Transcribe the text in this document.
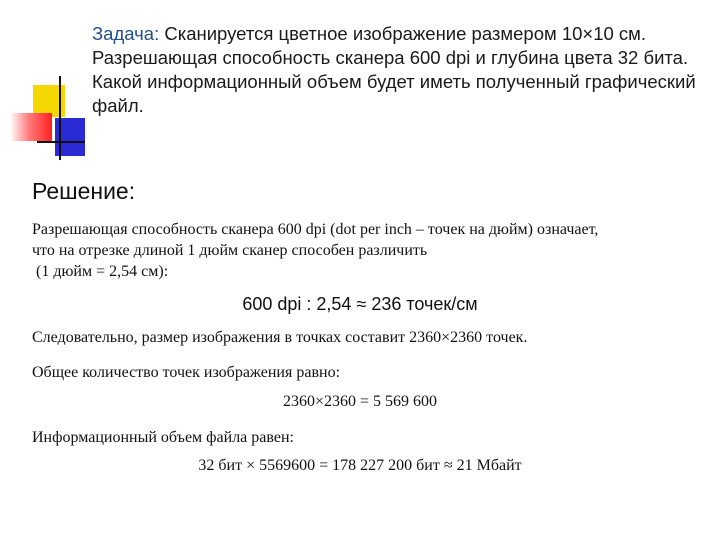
Задача: Сканируется цветное изображение размером 10×10 см. Разрешающая способность сканера 600 dpi и глубина цвета 32 бита. Какой информационный объем будет иметь полученный графический файл.

Решение:

Разрешающая способность сканера 600 dpi (dot per inch – точек на дюйм) означает,
что на отрезке длиной 1 дюйм сканер способен различить
(1 дюйм = 2,54 см):

600 dpi : 2,54 ≈ 236 точек/см

Следовательно, размер изображения в точках составит 2360×2360 точек.

Общее количество точек изображения равно:

2360×2360 = 5 569 600

Информационный объем файла равен:

32 бит × 5569600 = 178 227 200 бит ≈ 21 Мбайт
